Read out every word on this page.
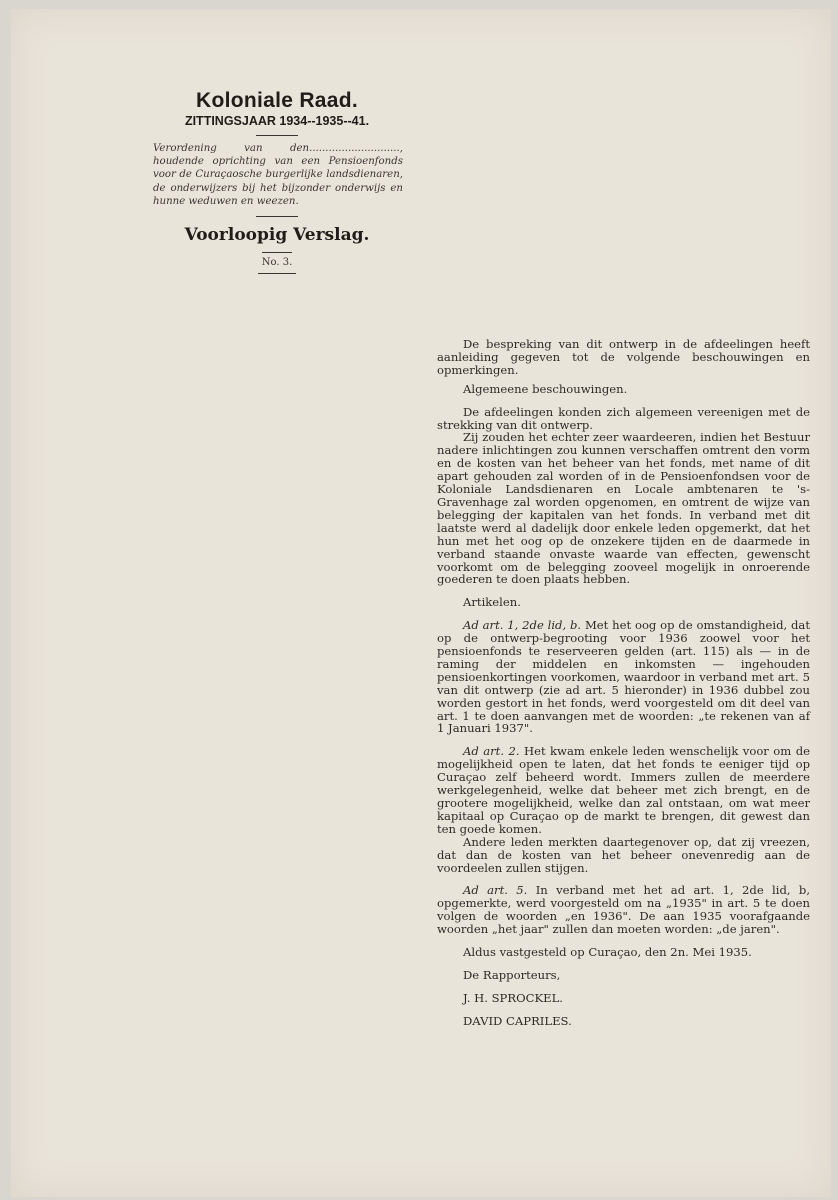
Koloniale Raad.
ZITTINGSJAAR 1934--1935--41.
Verordening van den............................, houdende oprichting van een Pensioenfonds voor de Curaçaosche burgerlijke landsdienaren, de onderwijzers bij het bijzonder onderwijs en hunne weduwen en weezen.
Voorloopig Verslag.
No. 3.

De bespreking van dit ontwerp in de afdeelingen heeft aanleiding gegeven tot de volgende beschouwingen en opmerkingen.

Algemeene beschouwingen.

De afdeelingen konden zich algemeen vereenigen met de strekking van dit ontwerp.

Zij zouden het echter zeer waardeeren, indien het Bestuur nadere inlichtingen zou kunnen verschaffen omtrent den vorm en de kosten van het beheer van het fonds, met name of dit apart gehouden zal worden of in de Pensioenfondsen voor de Koloniale Landsdienaren en Locale ambtenaren te 's-Gravenhage zal worden opgenomen, en omtrent de wijze van belegging der kapitalen van het fonds. In verband met dit laatste werd al dadelijk door enkele leden opgemerkt, dat het hun met het oog op de onzekere tijden en de daarmede in verband staande onvaste waarde van effecten, gewenscht voorkomt om de belegging zooveel mogelijk in onroerende goederen te doen plaats hebben.

Artikelen.

Ad art. 1, 2de lid, b. Met het oog op de omstandigheid, dat op de ontwerp-begrooting voor 1936 zoowel voor het pensioenfonds te reserveeren gelden (art. 115) als — in de raming der middelen en inkomsten — ingehouden pensioenkortingen voorkomen, waardoor in verband met art. 5 van dit ontwerp (zie ad art. 5 hieronder) in 1936 dubbel zou worden gestort in het fonds, werd voorgesteld om dit deel van art. 1 te doen aanvangen met de woorden: „te rekenen van af 1 Januari 1937".

Ad art. 2. Het kwam enkele leden wenschelijk voor om de mogelijkheid open te laten, dat het fonds te eeniger tijd op Curaçao zelf beheerd wordt. Immers zullen de meerdere werkgelegenheid, welke dat beheer met zich brengt, en de grootere mogelijkheid, welke dan zal ontstaan, om wat meer kapitaal op Curaçao op de markt te brengen, dit gewest dan ten goede komen.

Andere leden merkten daartegenover op, dat zij vreezen, dat dan de kosten van het beheer onevenredig aan de voordeelen zullen stijgen.

Ad art. 5. In verband met het ad art. 1, 2de lid, b, opgemerkte, werd voorgesteld om na „1935" in art. 5 te doen volgen de woorden „en 1936". De aan 1935 voorafgaande woorden „het jaar" zullen dan moeten worden: „de jaren".

Aldus vastgesteld op Curaçao, den 2n. Mei 1935.

De Rapporteurs,

J. H. SPROCKEL.

DAVID CAPRILES.
